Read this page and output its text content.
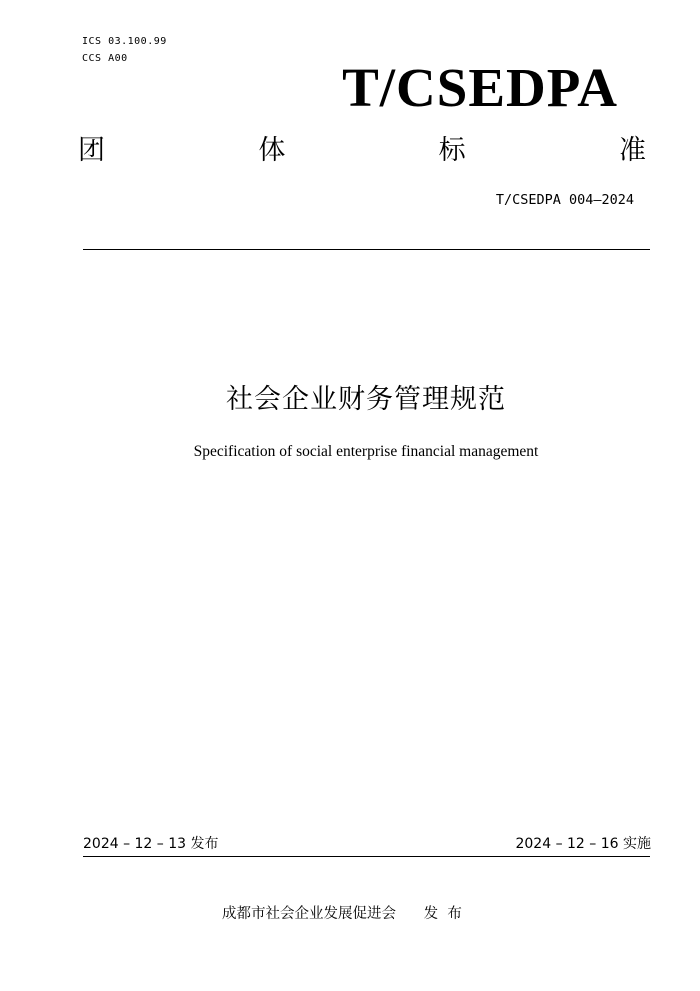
ICS 03.100.99
CCS A00	T/CSEDPA
团	体	标	准
T/CSEDPA 004—2024
社会企业财务管理规范
Specification of social enterprise financial management
2024 – 12 – 13 发布	2024 – 12 – 16 实施
成都市社会企业发展促进会      发  布
